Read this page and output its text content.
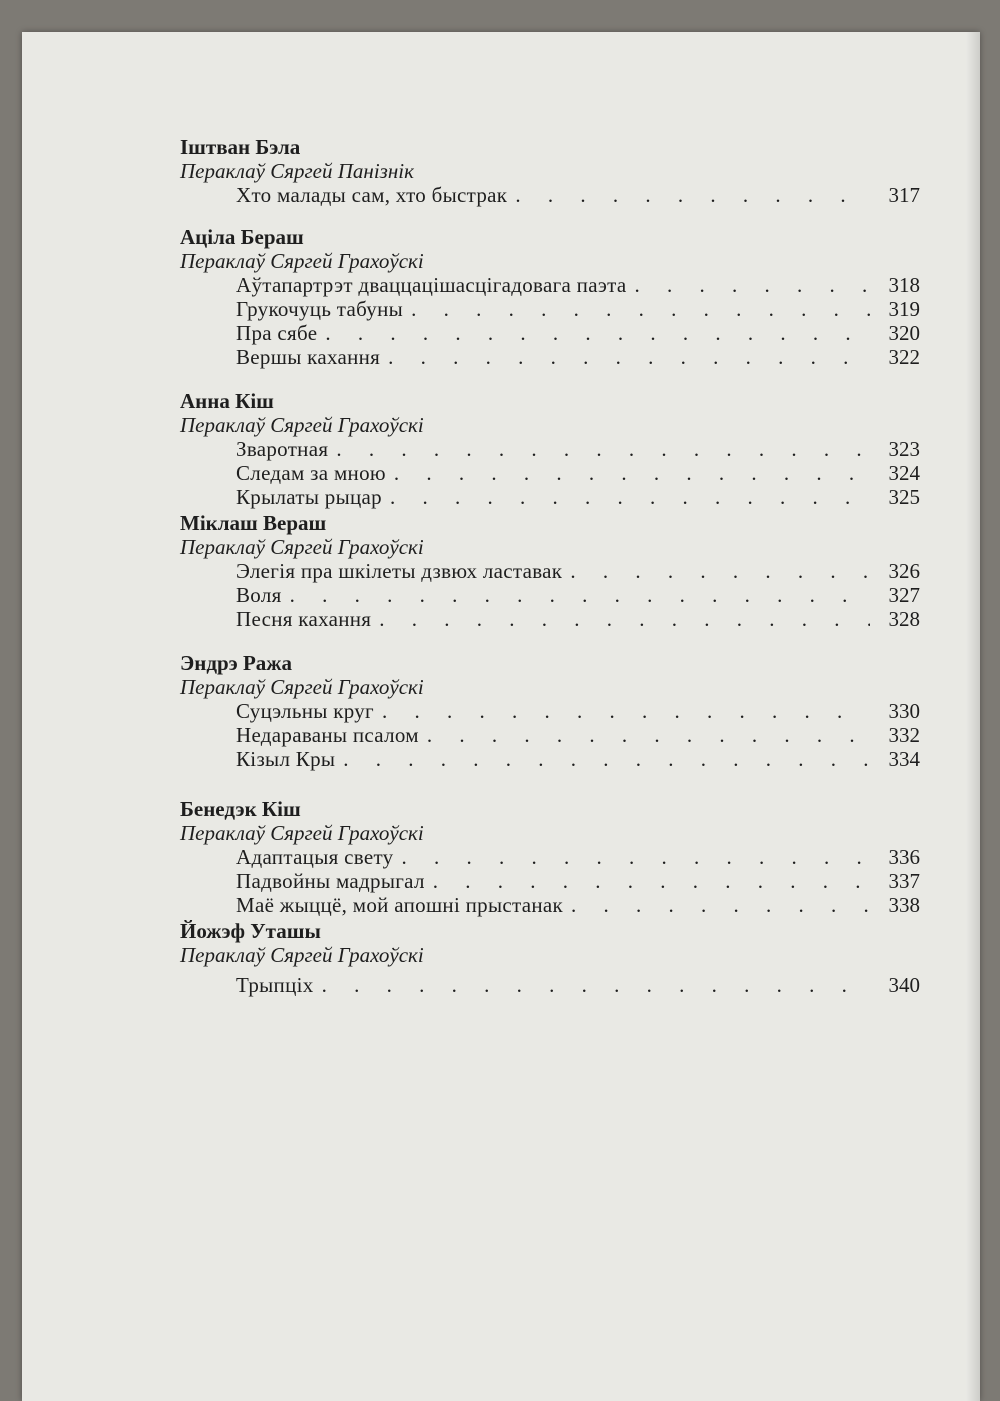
Іштван Бэла
Пераклаў Сяргей Панізнік
Хто малады сам, хто быстрак . . .	317
Аціла Бераш
Пераклаў Сяргей Грахоўскі
Аўтапартрэт дваццацішасцігадовага паэта . . .	318
Грукочуць табуны . . .	319
Пра сябе . . .	320
Вершы кахання . . .	322
Анна Кіш
Пераклаў Сяргей Грахоўскі
Зваротная . . .	323
Следам за мною . . .	324
Крылаты рыцар . . .	325
Міклаш Вераш
Пераклаў Сяргей Грахоўскі
Элегія пра шкілеты дзвюх ластавак . . .	326
Воля . . .	327
Песня кахання . . .	328
Эндрэ Ража
Пераклаў Сяргей Грахоўскі
Суцэльны круг . . .	330
Недараваны псалом . . .	332
Кізыл Кры . . .	334
Бенедэк Кіш
Пераклаў Сяргей Грахоўскі
Адаптацыя свету . . .	336
Падвойны мадрыгал . . .	337
Маё жыццё, мой апошні прыстанак . . .	338
Йожэф Уташы
Пераклаў Сяргей Грахоўскі
Трыпціх . . .	340
